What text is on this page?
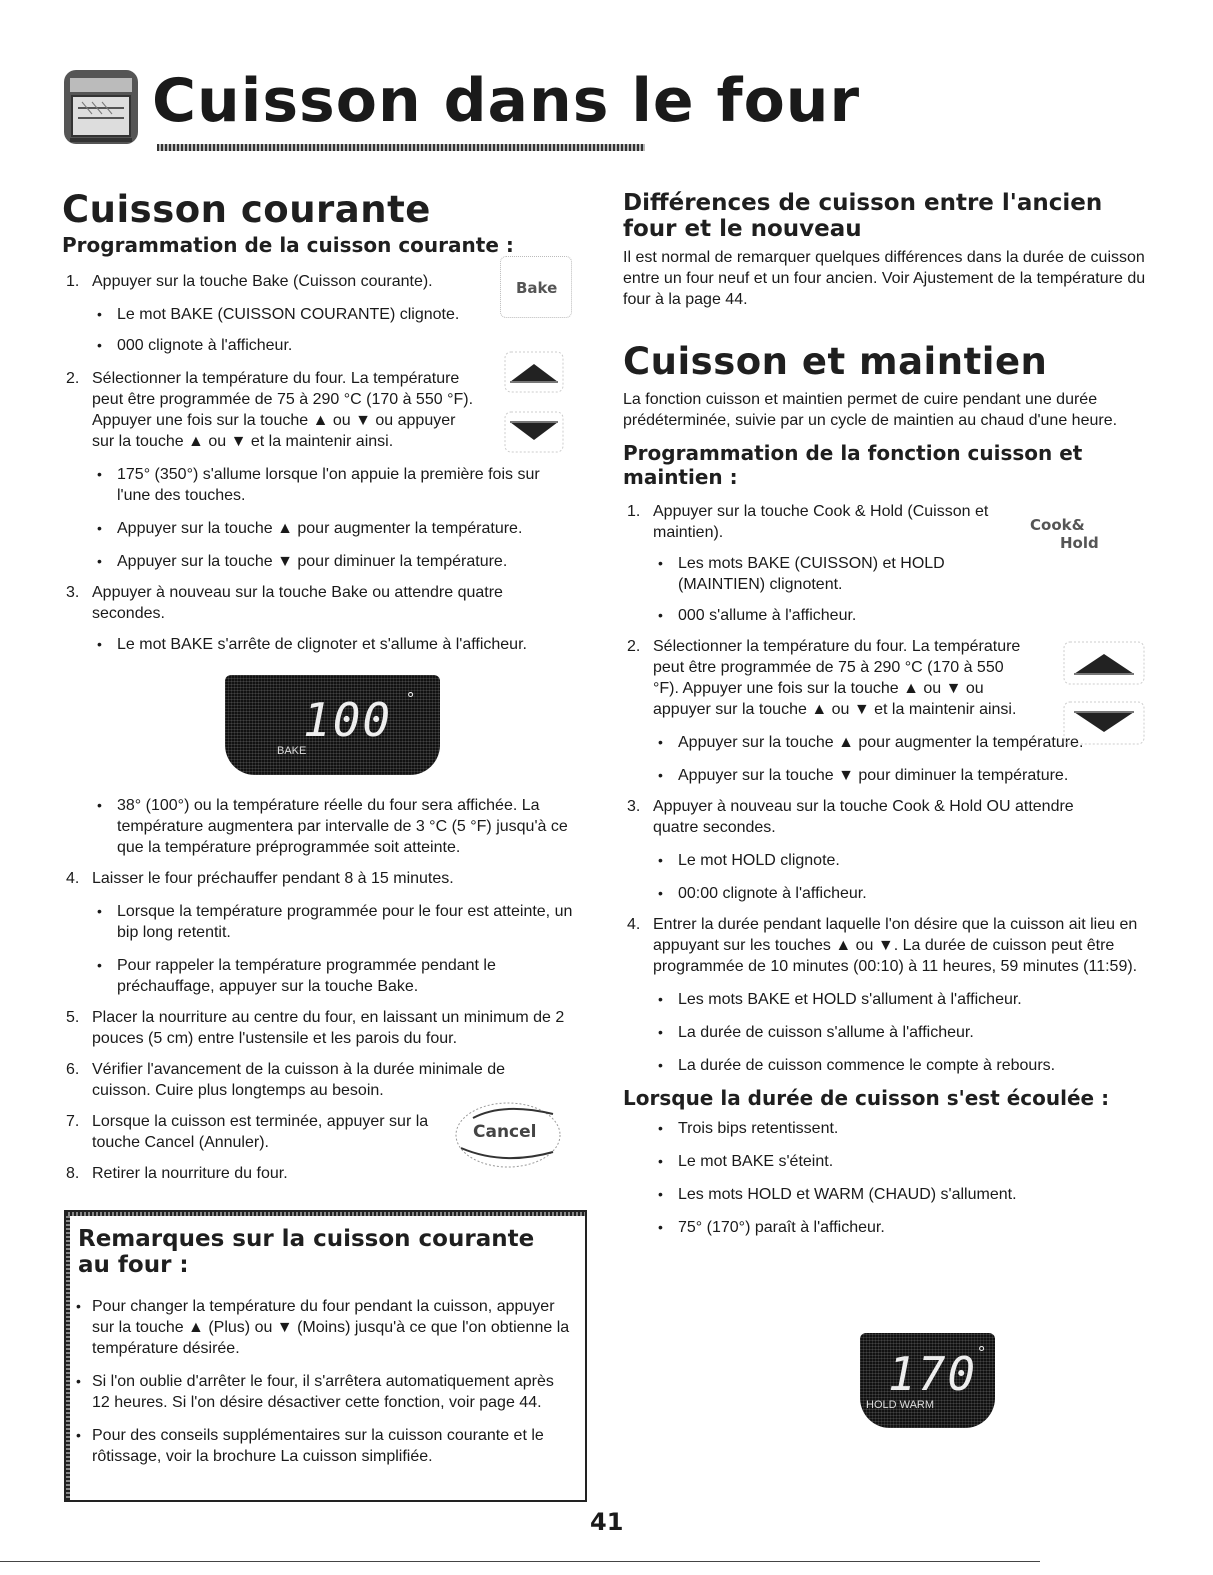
Cuisson dans le four
Cuisson courante
Programmation de la cuisson courante :

1. Appuyer sur la touche Bake (Cuisson courante).

• Le mot BAKE (CUISSON COURANTE) clignote.

• 000 clignote à l'afficheur.

2. Sélectionner la température du four. La température peut être programmée de 75 à 290 °C (170 à 550 °F). Appuyer une fois sur la touche ▲ ou ▼ ou appuyer sur la touche ▲ ou ▼ et la maintenir ainsi.

• 175° (350°) s'allume lorsque l'on appuie la première fois sur l'une des touches.

• Appuyer sur la touche ▲ pour augmenter la température.

• Appuyer sur la touche ▼ pour diminuer la température.

3. Appuyer à nouveau sur la touche Bake ou attendre quatre secondes.

• Le mot BAKE s'arrête de clignoter et s'allume à l'afficheur.

• 38° (100°) ou la température réelle du four sera affichée. La température augmentera par intervalle de 3 °C (5 °F) jusqu'à ce que la température préprogrammée soit atteinte.

4. Laisser le four préchauffer pendant 8 à 15 minutes.

• Lorsque la température programmée pour le four est atteinte, un bip long retentit.

• Pour rappeler la température programmée pendant le préchauffage, appuyer sur la touche Bake.

5. Placer la nourriture au centre du four, en laissant un minimum de 2 pouces (5 cm) entre l'ustensile et les parois du four.

6. Vérifier l'avancement de la cuisson à la durée minimale de cuisson. Cuire plus longtemps au besoin.

7. Lorsque la cuisson est terminée, appuyer sur la touche Cancel (Annuler).

8. Retirer la nourriture du four.

Bake
100 °
BAKE
Cancel
Remarques sur la cuisson courante au four :

• Pour changer la température du four pendant la cuisson, appuyer sur la touche ▲ (Plus) ou ▼ (Moins) jusqu'à ce que l'on obtienne la température désirée.

• Si l'on oublie d'arrêter le four, il s'arrêtera automatiquement après 12 heures. Si l'on désire désactiver cette fonction, voir page 44.

• Pour des conseils supplémentaires sur la cuisson courante et le rôtissage, voir la brochure La cuisson simplifiée.

Différences de cuisson entre l'ancien four et le nouveau

Il est normal de remarquer quelques différences dans la durée de cuisson entre un four neuf et un four ancien. Voir Ajustement de la température du four à la page 44.

Cuisson et maintien

La fonction cuisson et maintien permet de cuire pendant une durée prédéterminée, suivie par un cycle de maintien au chaud d'une heure.

Programmation de la fonction cuisson et maintien :

1. Appuyer sur la touche Cook & Hold (Cuisson et maintien).

• Les mots BAKE (CUISSON) et HOLD (MAINTIEN) clignotent.

• 000 s'allume à l'afficheur.

2. Sélectionner la température du four. La température peut être programmée de 75 à 290 °C (170 à 550 °F). Appuyer une fois sur la touche ▲ ou ▼ ou appuyer sur la touche ▲ ou ▼ et la maintenir ainsi.

• Appuyer sur la touche ▲ pour augmenter la température.

• Appuyer sur la touche ▼ pour diminuer la température.

3. Appuyer à nouveau sur la touche Cook & Hold OU attendre quatre secondes.

• Le mot HOLD clignote.

• 00:00 clignote à l'afficheur.

4. Entrer la durée pendant laquelle l'on désire que la cuisson ait lieu en appuyant sur les touches ▲ ou ▼. La durée de cuisson peut être programmée de 10 minutes (00:10) à 11 heures, 59 minutes (11:59).

• Les mots BAKE et HOLD s'allument à l'afficheur.

• La durée de cuisson s'allume à l'afficheur.

• La durée de cuisson commence le compte à rebours.

Lorsque la durée de cuisson s'est écoulée :

• Trois bips retentissent.

• Le mot BAKE s'éteint.

• Les mots HOLD et WARM (CHAUD) s'allument.

• 75° (170°) paraît à l'afficheur.

Cook&
Hold
170 °
HOLD WARM
41
